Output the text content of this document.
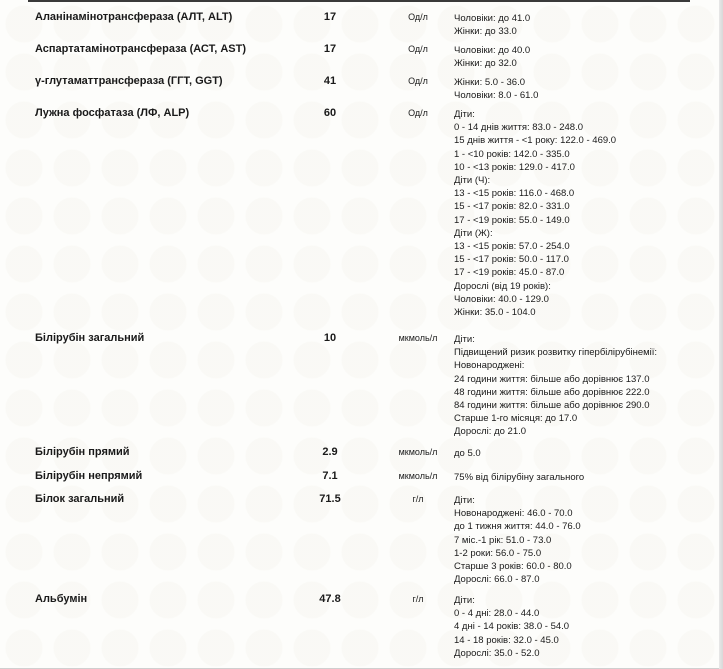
Аланінамінотрансфераза (АЛТ, ALT)	17	Од/л	Чоловіки: до 41.0
Жінки: до 33.0
Аспартатамінотрансфераза (АСТ, AST)	17	Од/л	Чоловіки: до 40.0
Жінки: до 32.0
γ-глутаматтрансфераза (ГГТ, GGT)	41	Од/л	Жінки: 5.0 - 36.0
Чоловіки: 8.0 - 61.0
Лужна фосфатаза (ЛФ, ALP)	60	Од/л	Діти:
0 - 14 днів життя: 83.0 - 248.0
15 днів життя - <1 року: 122.0 - 469.0
1 - <10 років: 142.0 - 335.0
10 - <13 років: 129.0 - 417.0
Діти (Ч):
13 - <15 років: 116.0 - 468.0
15 - <17 років: 82.0 - 331.0
17 - <19 років: 55.0 - 149.0
Діти (Ж):
13 - <15 років: 57.0 - 254.0
15 - <17 років: 50.0 - 117.0
17 - <19 років: 45.0 - 87.0
Дорослі (від 19 років):
Чоловіки: 40.0 - 129.0
Жінки: 35.0 - 104.0
Білірубін загальний	10	мкмоль/л	Діти:
Підвищений ризик розвитку гіпербілірубінемії:
Новонароджені:
24 години життя: більше або дорівнює 137.0
48 години життя: більше або дорівнює 222.0
84 години життя: більше або дорівнює 290.0
Старше 1-го місяця: до 17.0
Дорослі: до 21.0
Білірубін прямий	2.9	мкмоль/л	до 5.0
Білірубін непрямий	7.1	мкмоль/л	75% від білірубіну загального
Білок загальний	71.5	г/л	Діти:
Новонароджені: 46.0 - 70.0
до 1 тижня життя: 44.0 - 76.0
7 міс.-1 рік: 51.0 - 73.0
1-2 роки: 56.0 - 75.0
Старше 3 років: 60.0 - 80.0
Дорослі: 66.0 - 87.0
Альбумін	47.8	г/л	Діти:
0 - 4 дні: 28.0 - 44.0
4 дні - 14 років: 38.0 - 54.0
14 - 18 років: 32.0 - 45.0
Дорослі: 35.0 - 52.0
